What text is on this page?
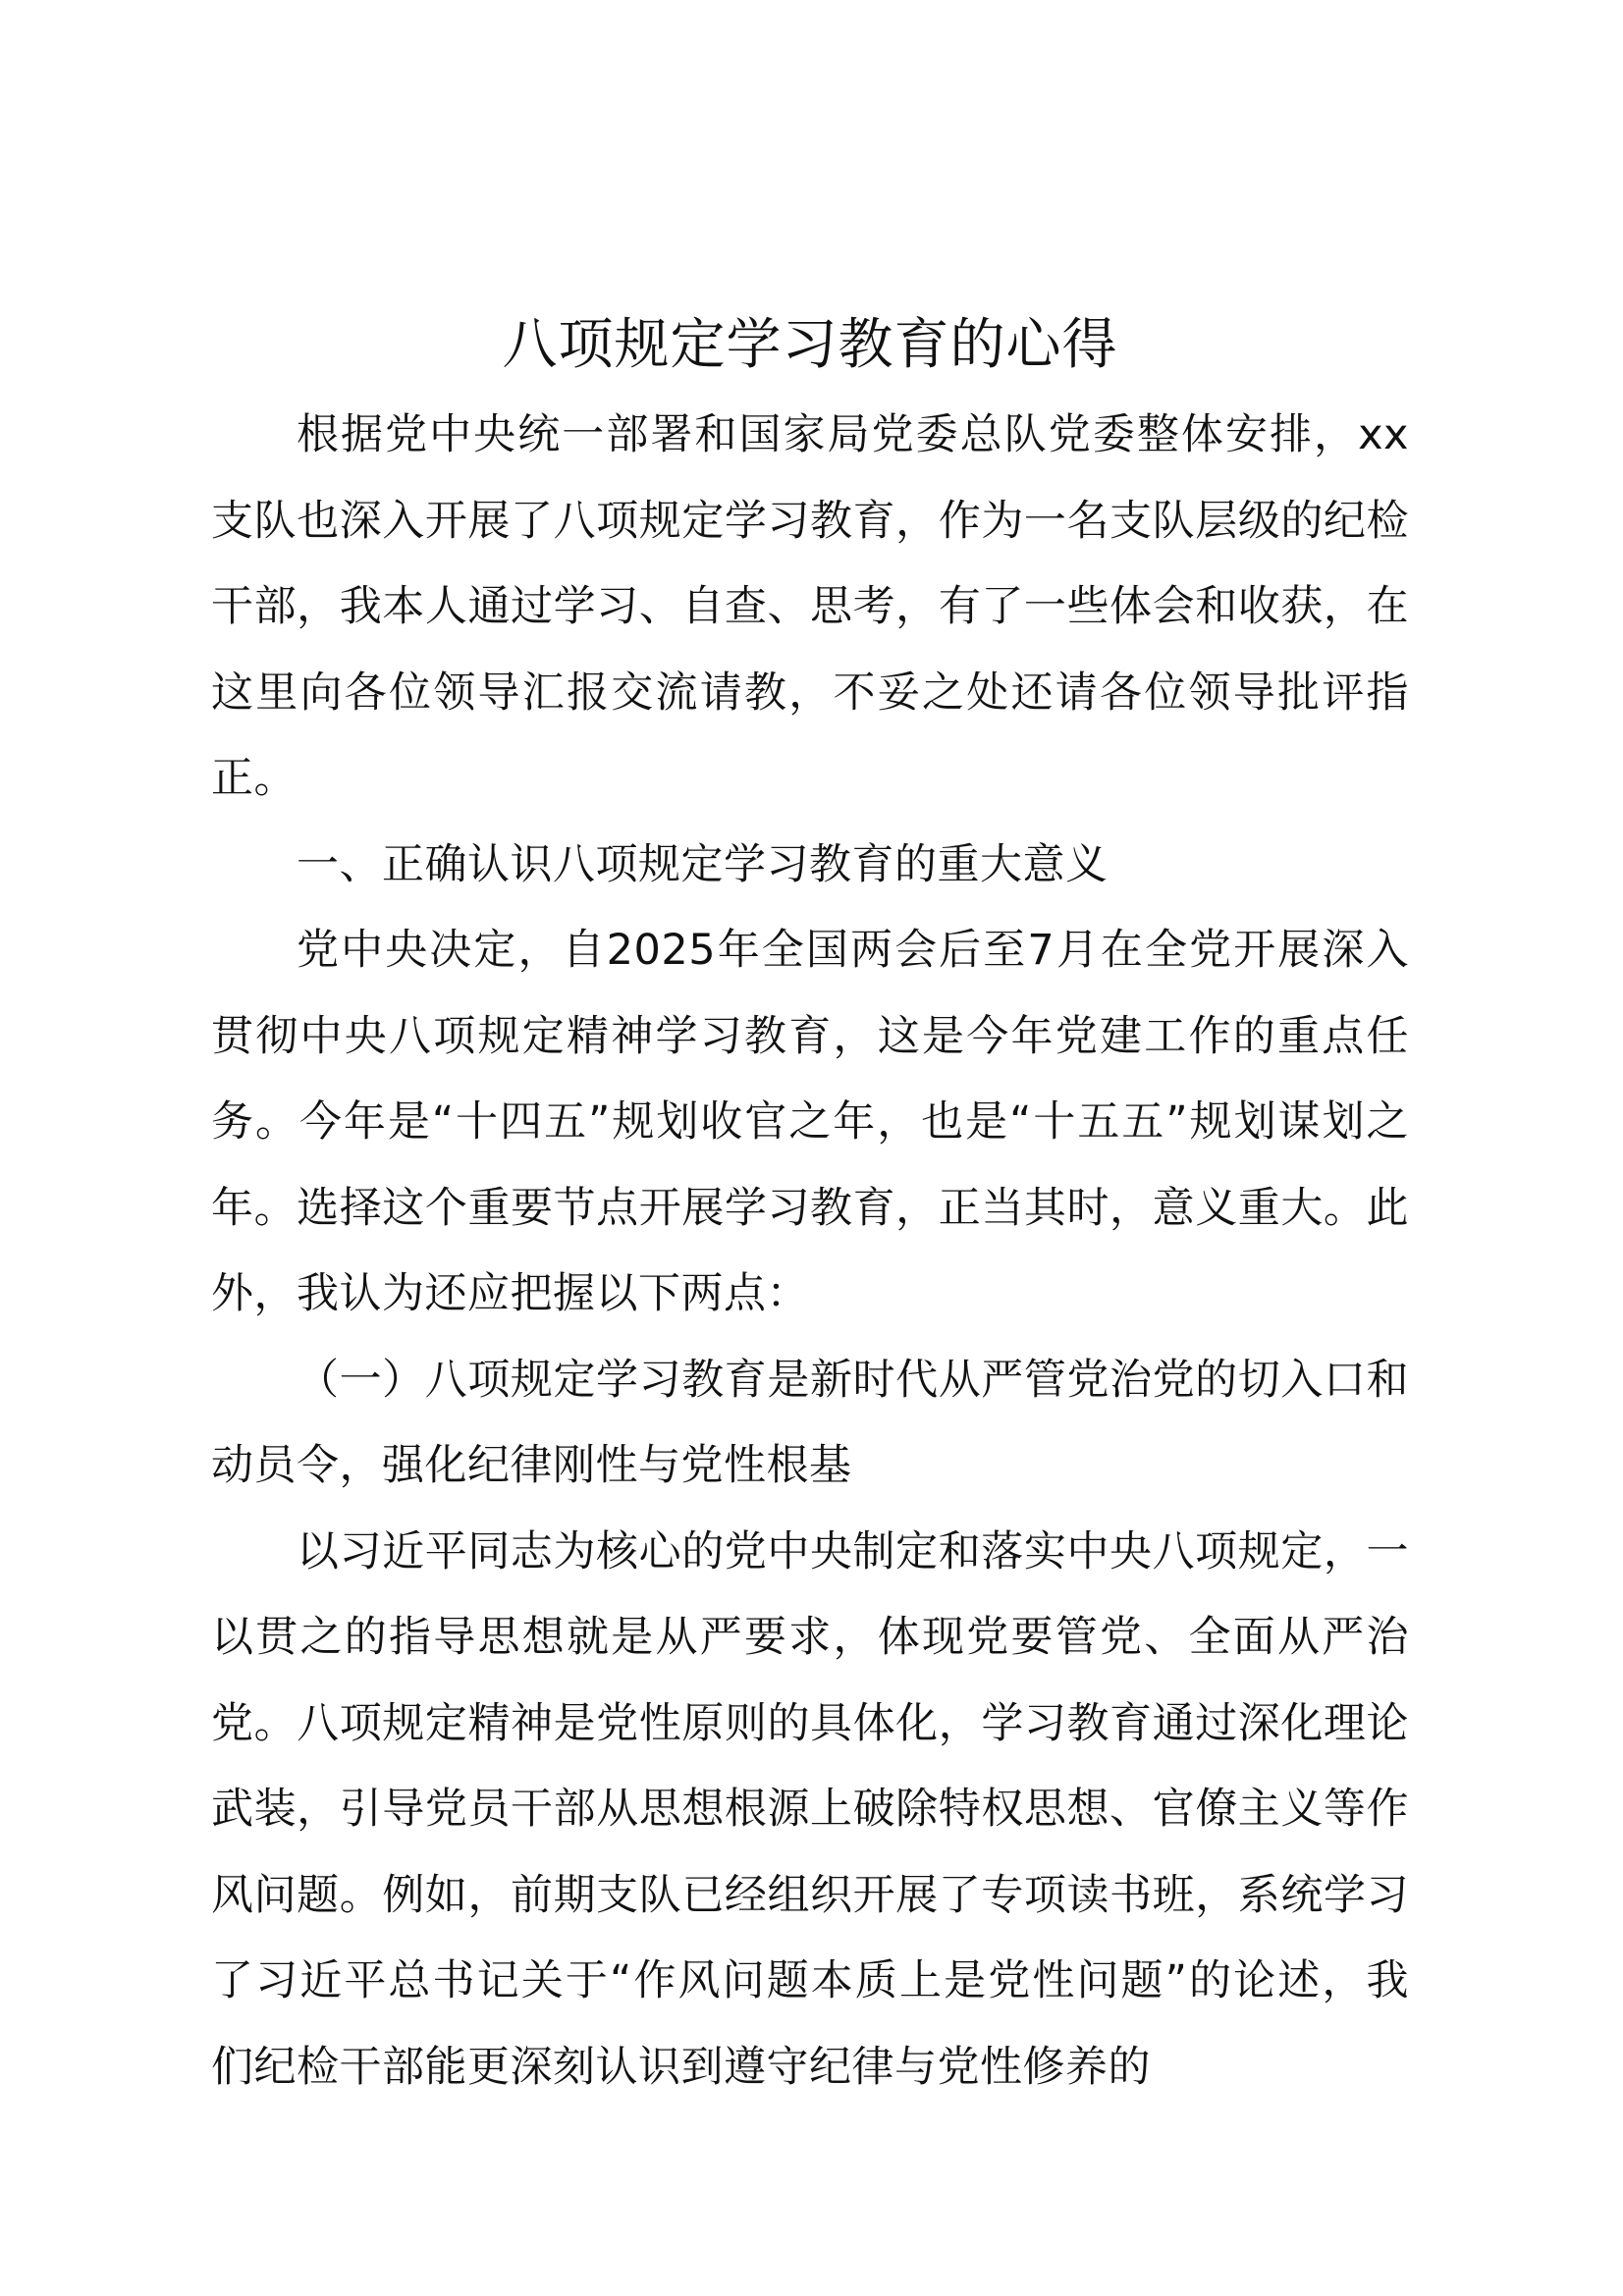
八项规定学习教育的心得

根据党中央统一部署和国家局党委总队党委整体安排，xx支队也深入开展了八项规定学习教育，作为一名支队层级的纪检干部，我本人通过学习、自查、思考，有了一些体会和收获，在这里向各位领导汇报交流请教，不妥之处还请各位领导批评指正。

一、正确认识八项规定学习教育的重大意义

党中央决定，自2025年全国两会后至7月在全党开展深入贯彻中央八项规定精神学习教育，这是今年党建工作的重点任务。今年是“十四五”规划收官之年，也是“十五五”规划谋划之年。选择这个重要节点开展学习教育，正当其时，意义重大。此外，我认为还应把握以下两点：

（一）八项规定学习教育是新时代从严管党治党的切入口和动员令，强化纪律刚性与党性根基

以习近平同志为核心的党中央制定和落实中央八项规定，一以贯之的指导思想就是从严要求，体现党要管党、全面从严治党。八项规定精神是党性原则的具体化，学习教育通过深化理论武装，引导党员干部从思想根源上破除特权思想、官僚主义等作风问题。例如，前期支队已经组织开展了专项读书班，系统学习了习近平总书记关于“作风问题本质上是党性问题”的论述，我们纪检干部能更深刻认识到遵守纪律与党性修养的
